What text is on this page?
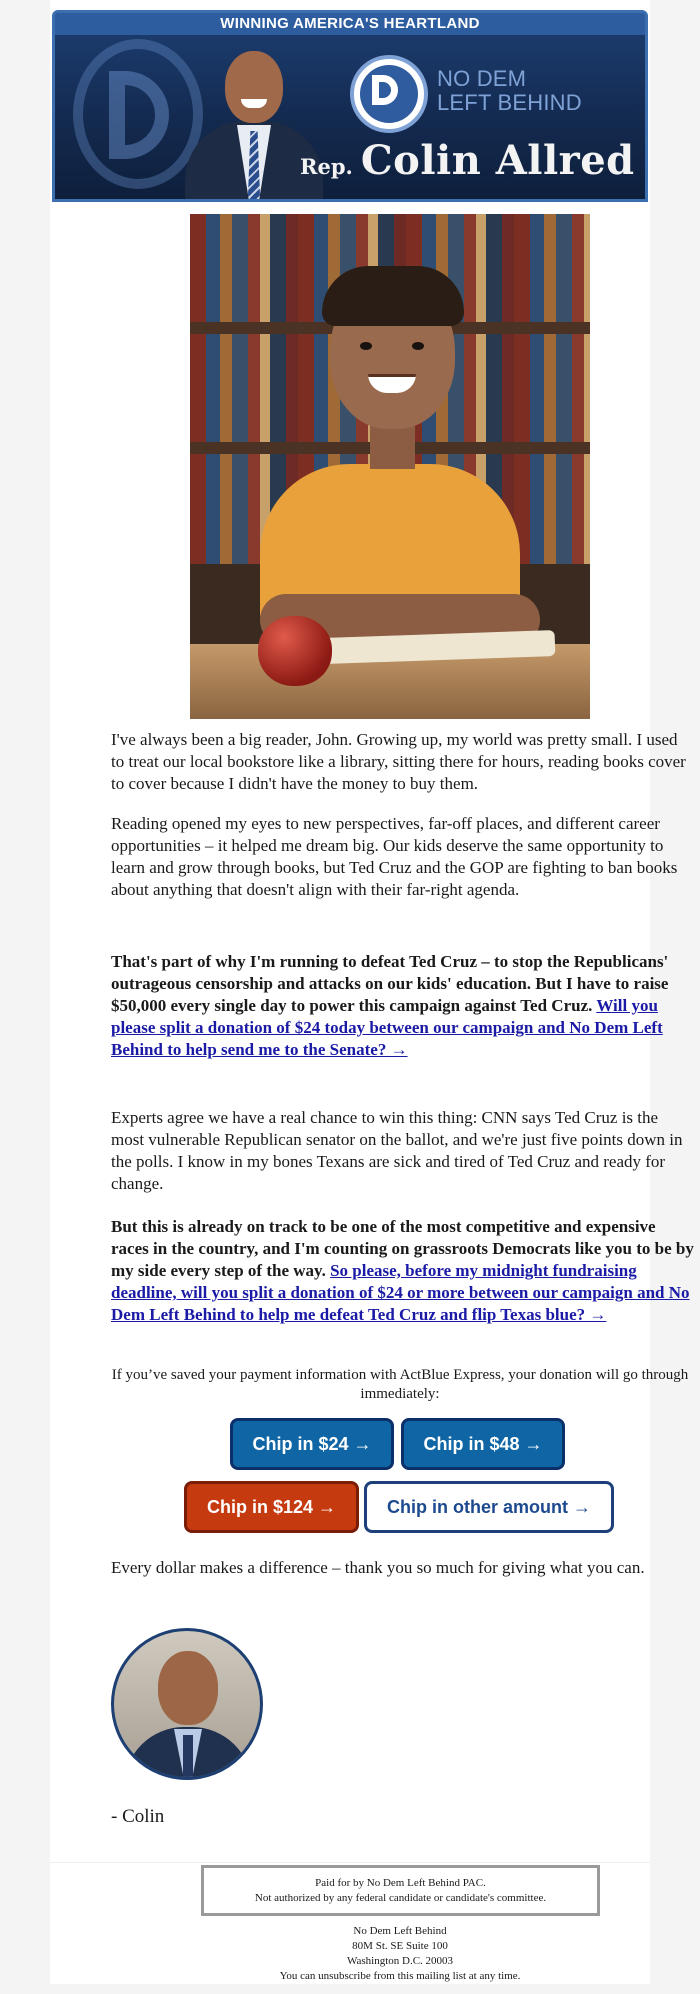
WINNING AMERICA'S HEARTLAND
NO DEM
LEFT BEHIND
Rep. Colin Allred

I've always been a big reader, John. Growing up, my world was pretty small. I used to treat our local bookstore like a library, sitting there for hours, reading books cover to cover because I didn't have the money to buy them.

Reading opened my eyes to new perspectives, far-off places, and different career opportunities – it helped me dream big. Our kids deserve the same opportunity to learn and grow through books, but Ted Cruz and the GOP are fighting to ban books about anything that doesn't align with their far-right agenda.

That's part of why I'm running to defeat Ted Cruz – to stop the Republicans' outrageous censorship and attacks on our kids' education. But I have to raise $50,000 every single day to power this campaign against Ted Cruz. Will you please split a donation of $24 today between our campaign and No Dem Left Behind to help send me to the Senate? →

Experts agree we have a real chance to win this thing: CNN says Ted Cruz is the most vulnerable Republican senator on the ballot, and we're just five points down in the polls. I know in my bones Texans are sick and tired of Ted Cruz and ready for change.

But this is already on track to be one of the most competitive and expensive races in the country, and I'm counting on grassroots Democrats like you to be by my side every step of the way. So please, before my midnight fundraising deadline, will you split a donation of $24 or more between our campaign and No Dem Left Behind to help me defeat Ted Cruz and flip Texas blue? →

If you’ve saved your payment information with ActBlue Express, your donation will go through immediately:
Chip in $24 →	Chip in $48 →
Chip in $124 →	Chip in other amount →

Every dollar makes a difference – thank you so much for giving what you can.

- Colin
Paid for by No Dem Left Behind PAC.
Not authorized by any federal candidate or candidate's committee.
No Dem Left Behind
80M St. SE Suite 100
Washington D.C. 20003
You can unsubscribe from this mailing list at any time.
